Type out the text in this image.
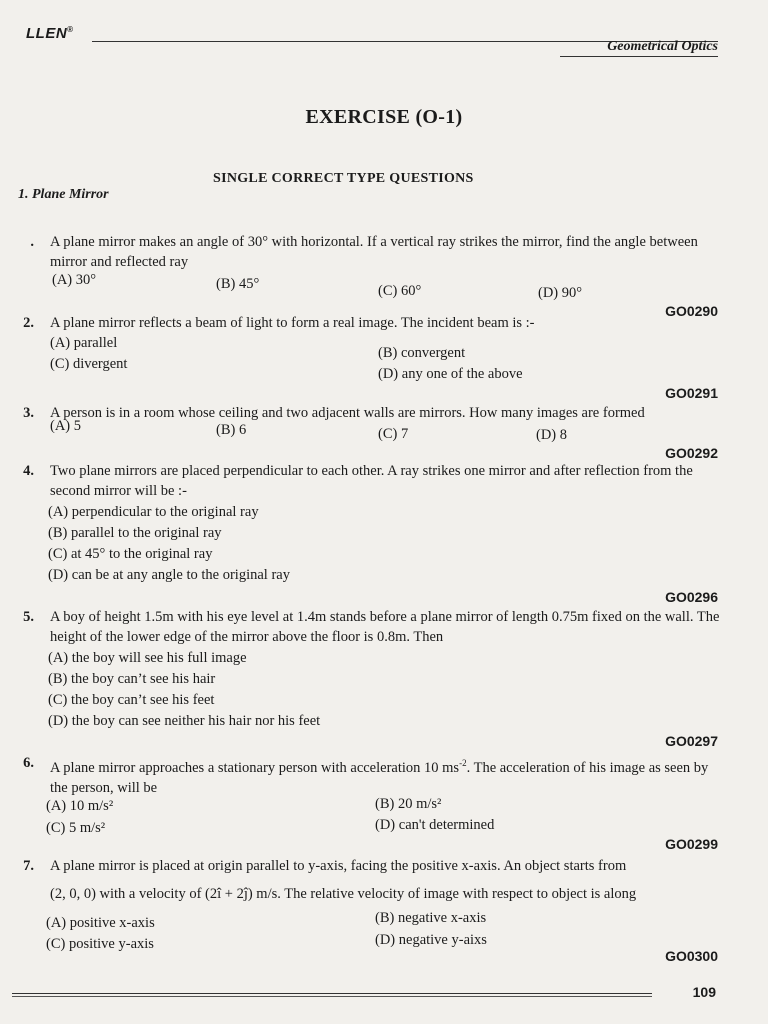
LLEN®
Geometrical Optics
EXERCISE (O-1)
SINGLE CORRECT TYPE QUESTIONS
1. Plane Mirror
. A plane mirror makes an angle of 30° with horizontal. If a vertical ray strikes the mirror, find the angle between mirror and reflected ray
(A) 30°	(B) 45°	(C) 60°	(D) 90°
GO0290
2. A plane mirror reflects a beam of light to form a real image. The incident beam is :-
(A) parallel
(B) convergent
(C) divergent
(D) any one of the above
GO0291
3. A person is in a room whose ceiling and two adjacent walls are mirrors. How many images are formed
(A) 5	(B) 6	(C) 7	(D) 8
GO0292
4. Two plane mirrors are placed perpendicular to each other. A ray strikes one mirror and after reflection from the second mirror will be :-
(A) perpendicular to the original ray
(B) parallel to the original ray
(C) at 45° to the original ray
(D) can be at any angle to the original ray
GO0296
5. A boy of height 1.5m with his eye level at 1.4m stands before a plane mirror of length 0.75m fixed on the wall. The height of the lower edge of the mirror above the floor is 0.8m. Then
(A) the boy will see his full image
(B) the boy can’t see his hair
(C) the boy can’t see his feet
(D) the boy can see neither his hair nor his feet
GO0297
6. A plane mirror approaches a stationary person with acceleration 10 $ms^{-2}$. The acceleration of his image as seen by the person, will be
(A) 10 m/s²	(B) 20 m/s²
(C) 5 m/s²	(D) can't determined
GO0299
7. A plane mirror is placed at origin parallel to y-axis, facing the positive x-axis. An object starts from
(2, 0, 0) with a velocity of (2î + 2ĵ) m/s. The relative velocity of image with respect to object is along
(A) positive x-axis	(B) negative x-axis
(C) positive y-axis	(D) negative y-aixs
GO0300
109
